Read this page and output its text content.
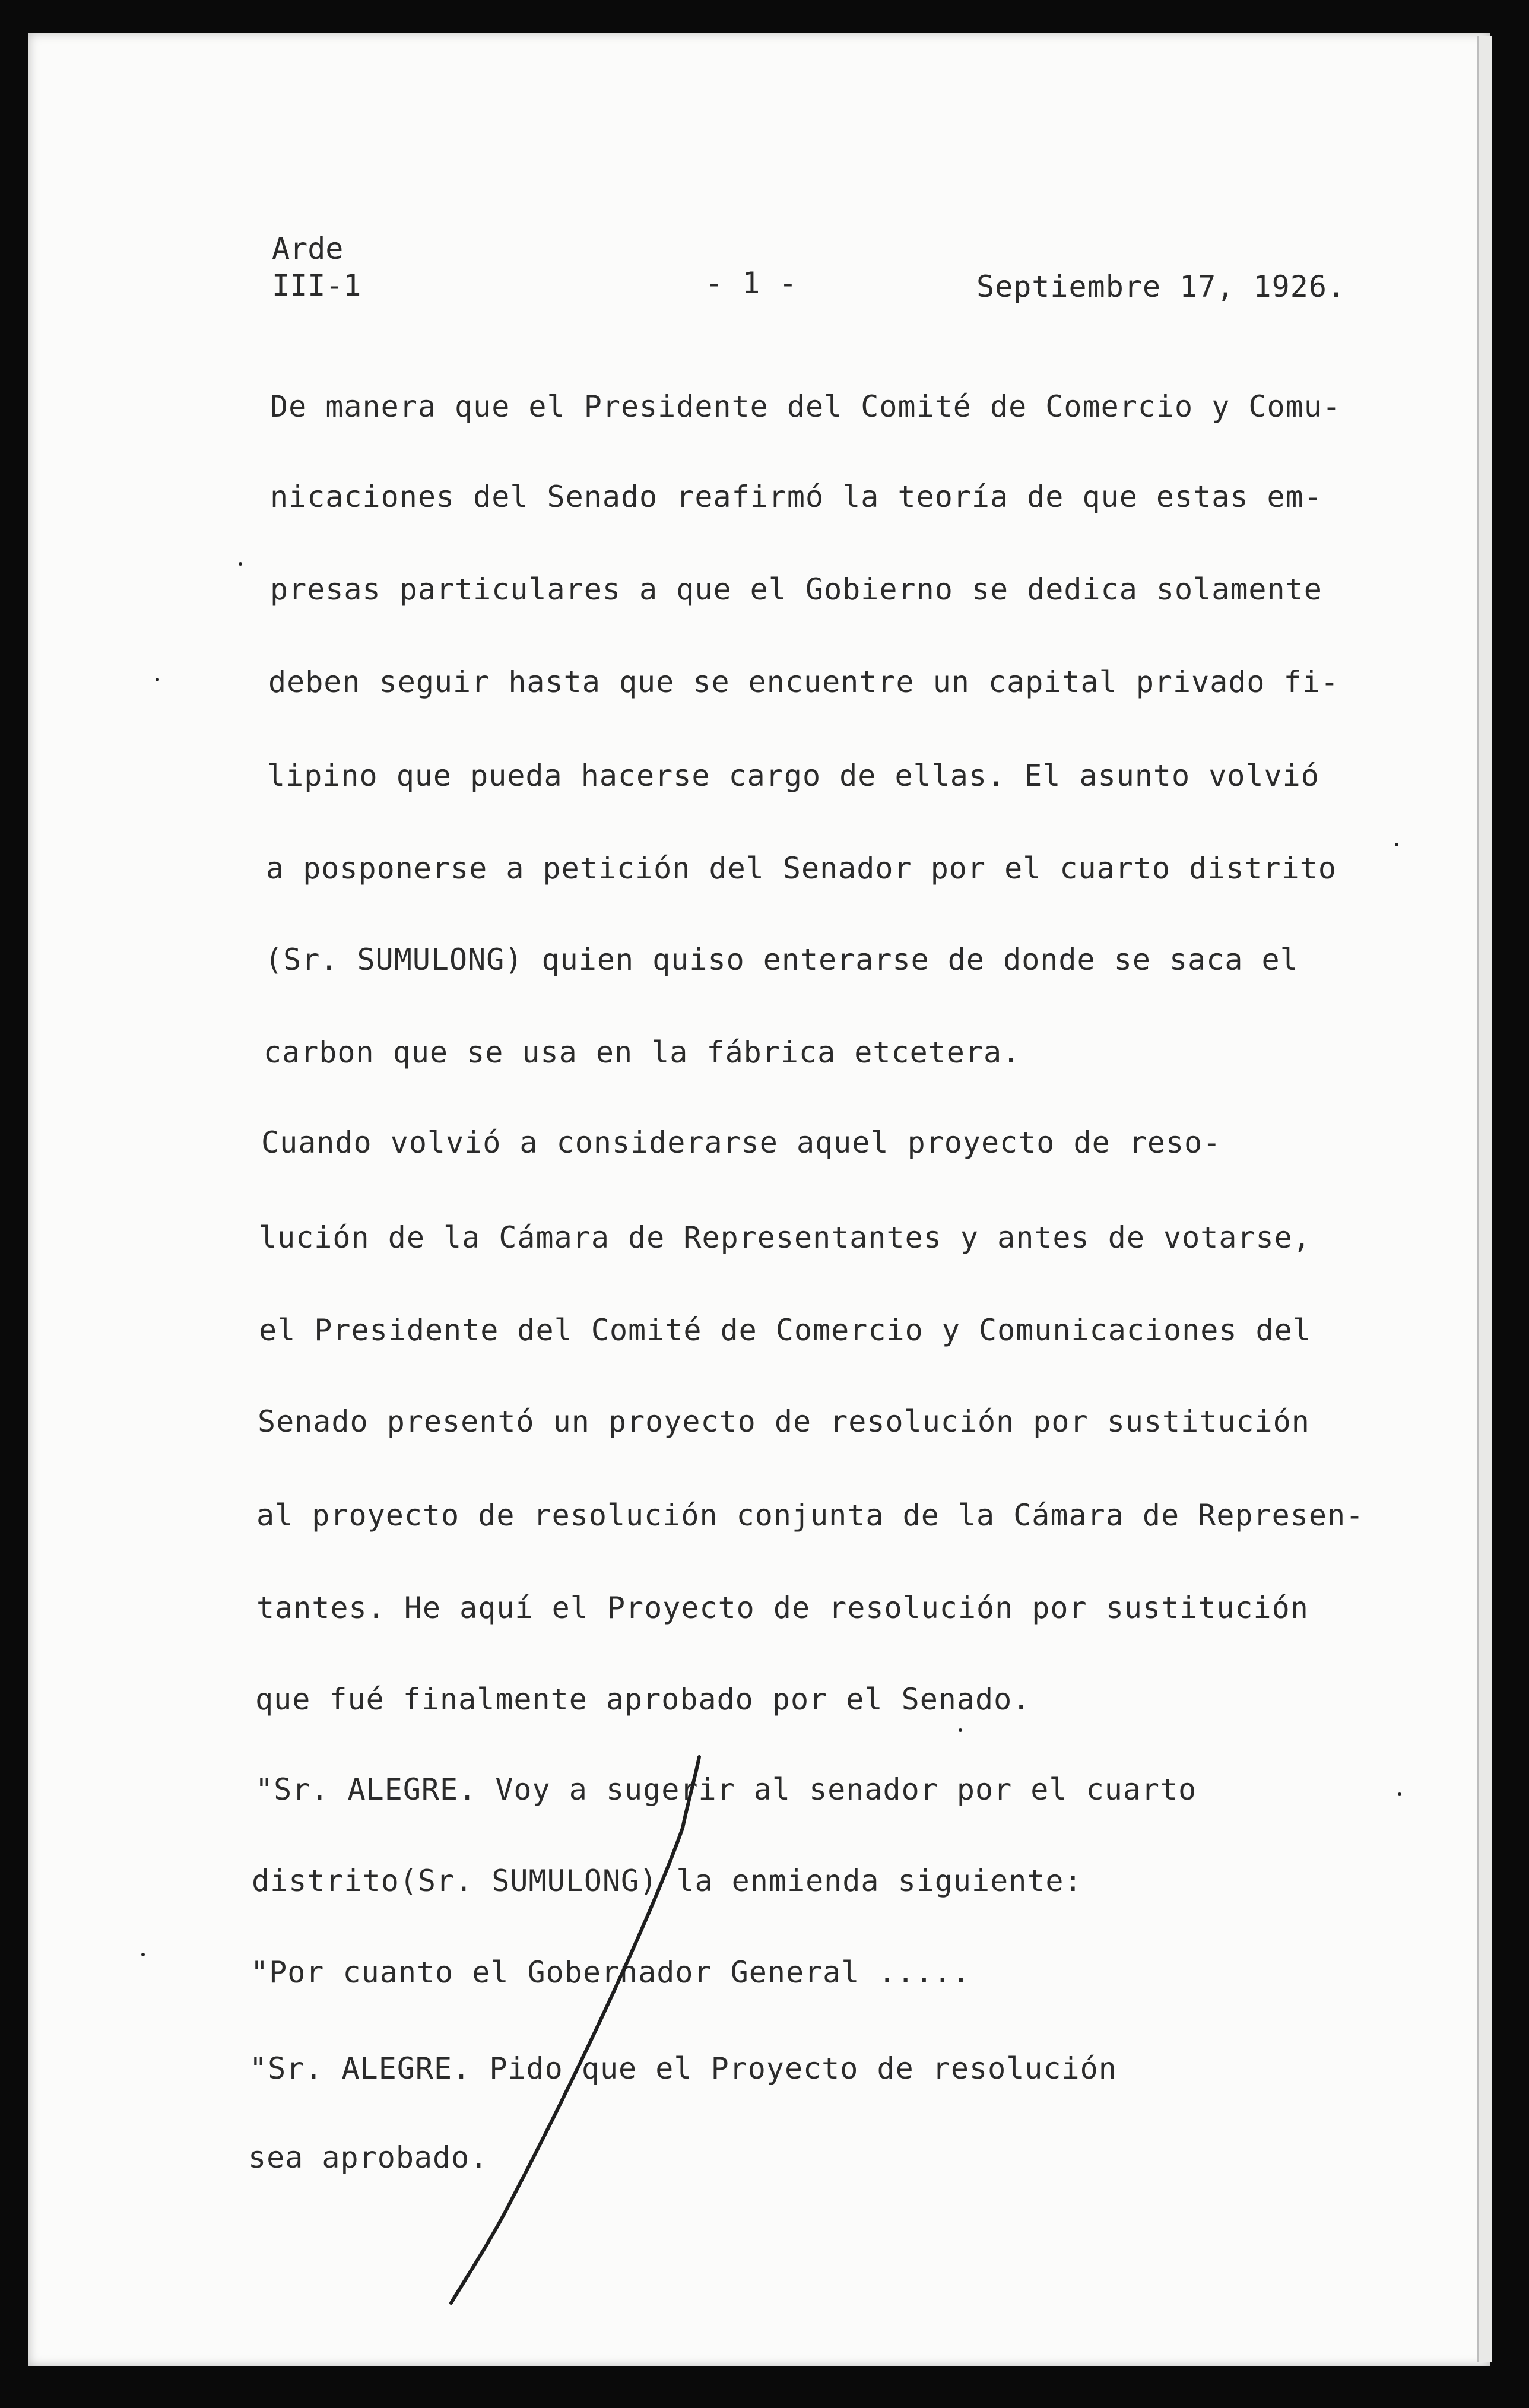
Arde
III-1	- 1 -	Septiembre 17, 1926.
De manera que el Presidente del Comité de Comercio y Comu-
nicaciones del Senado reafirmó la teoría de que estas em-
presas particulares a que el Gobierno se dedica solamente
deben seguir hasta que se encuentre un capital privado fi-
lipino que pueda hacerse cargo de ellas. El asunto volvió
a posponerse a petición del Senador por el cuarto distrito
(Sr. SUMULONG) quien quiso enterarse de donde se saca el
carbon que se usa en la fábrica etcetera.
Cuando volvió a considerarse aquel proyecto de reso-
lución de la Cámara de Representantes y antes de votarse,
el Presidente del Comité de Comercio y Comunicaciones del
Senado presentó un proyecto de resolución por sustitución
al proyecto de resolución conjunta de la Cámara de Represen-
tantes. He aquí el Proyecto de resolución por sustitución
que fué finalmente aprobado por el Senado.
"Sr. ALEGRE. Voy a sugerir al senador por el cuarto
distrito(Sr. SUMULONG) la enmienda siguiente:
"Por cuanto el Gobernador General .....
"Sr. ALEGRE. Pido que el Proyecto de resolución
sea aprobado.
